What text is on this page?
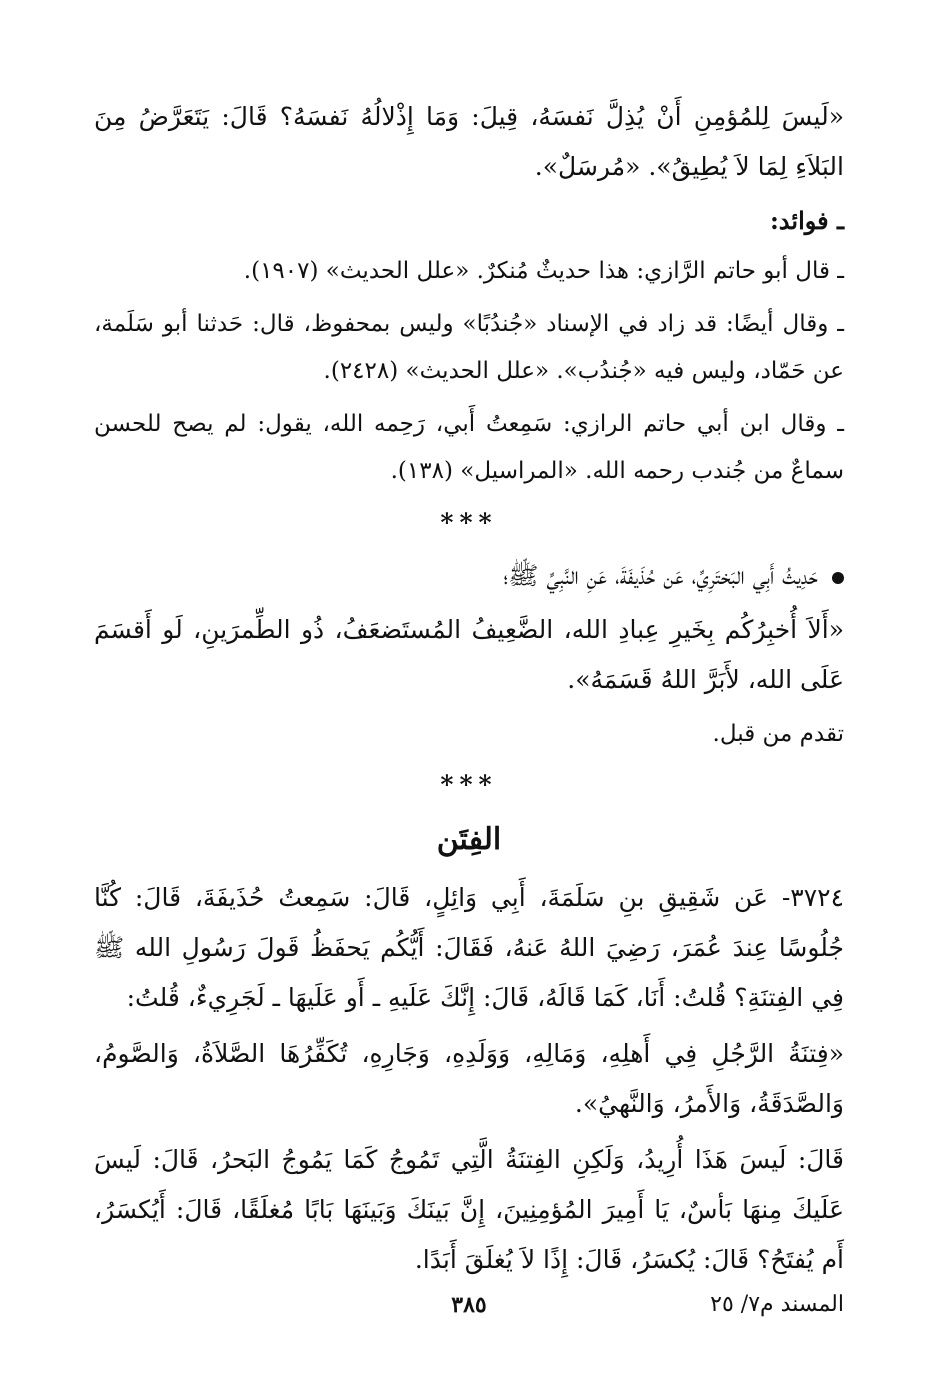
«لَيسَ لِلمُؤمِنِ أَنْ يُذِلَّ نَفسَهُ، قِيلَ: وَمَا إِذْلالُهُ نَفسَهُ؟ قَالَ: يَتَعَرَّضُ مِنَ البَلاَءِ لِمَا لاَ يُطِيقُ». «مُرسَلٌ».

ـ فوائد:

ـ قال أبو حاتم الرَّازي: هذا حديثٌ مُنكرٌ. «علل الحديث» (١٩٠٧).

ـ وقال أيضًا: قد زاد في الإسناد «جُندُبًا» وليس بمحفوظ، قال: حَدثنا أبو سَلَمة، عن حَمّاد، وليس فيه «جُندُب». «علل الحديث» (٢٤٢٨).

ـ وقال ابن أبي حاتم الرازي: سَمِعتُ أَبي، رَحِمه الله، يقول: لم يصح للحسن سماعٌ من جُندب رحمه الله. «المراسيل» (١٣٨).

***

حَدِيثُ أَبِي البَختَرِيِّ، عَن حُذَيفَةَ، عَنِ النَّبِيِّ ﷺ؛

«أَلاَ أُخبِرُكُم بِخَيرِ عِبادِ الله، الضَّعِيفُ المُستَضعَفُ، ذُو الطِّمرَينِ، لَو أَقسَمَ عَلَى الله، لأَبَرَّ اللهُ قَسَمَهُ».

تقدم من قبل.

***
الفِتَن

٣٧٢٤- عَن شَقِيقِ بنِ سَلَمَةَ، أَبِي وَائِلٍ، قَالَ: سَمِعتُ حُذَيفَةَ، قَالَ: كُنَّا جُلُوسًا عِندَ عُمَرَ، رَضِيَ اللهُ عَنهُ، فَقَالَ: أَيُّكُم يَحفَظُ قَولَ رَسُولِ الله ﷺ فِي الفِتنَةِ؟ قُلتُ: أَنَا، كَمَا قَالَهُ، قَالَ: إِنَّكَ عَلَيهِ ـ أَو عَلَيهَا ـ لَجَرِيءٌ، قُلتُ:

«فِتنَةُ الرَّجُلِ فِي أَهلِهِ، وَمَالِهِ، وَوَلَدِهِ، وَجَارِهِ، تُكَفِّرُهَا الصَّلاَةُ، وَالصَّومُ، وَالصَّدَقَةُ، وَالأَمرُ، وَالنَّهيُ».

قَالَ: لَيسَ هَذَا أُرِيدُ، وَلَكِنِ الفِتنَةُ الَّتِي تَمُوجُ كَمَا يَمُوجُ البَحرُ، قَالَ: لَيسَ عَلَيكَ مِنهَا بَأسٌ، يَا أَمِيرَ المُؤمِنِينَ، إِنَّ بَينَكَ وَبَينَهَا بَابًا مُغلَقًا، قَالَ: أَيُكسَرُ، أَم يُفتَحُ؟ قَالَ: يُكسَرُ، قَالَ: إِذًا لاَ يُغلَقَ أَبَدًا.

المسند م٧/ ٢٥
٣٨٥
